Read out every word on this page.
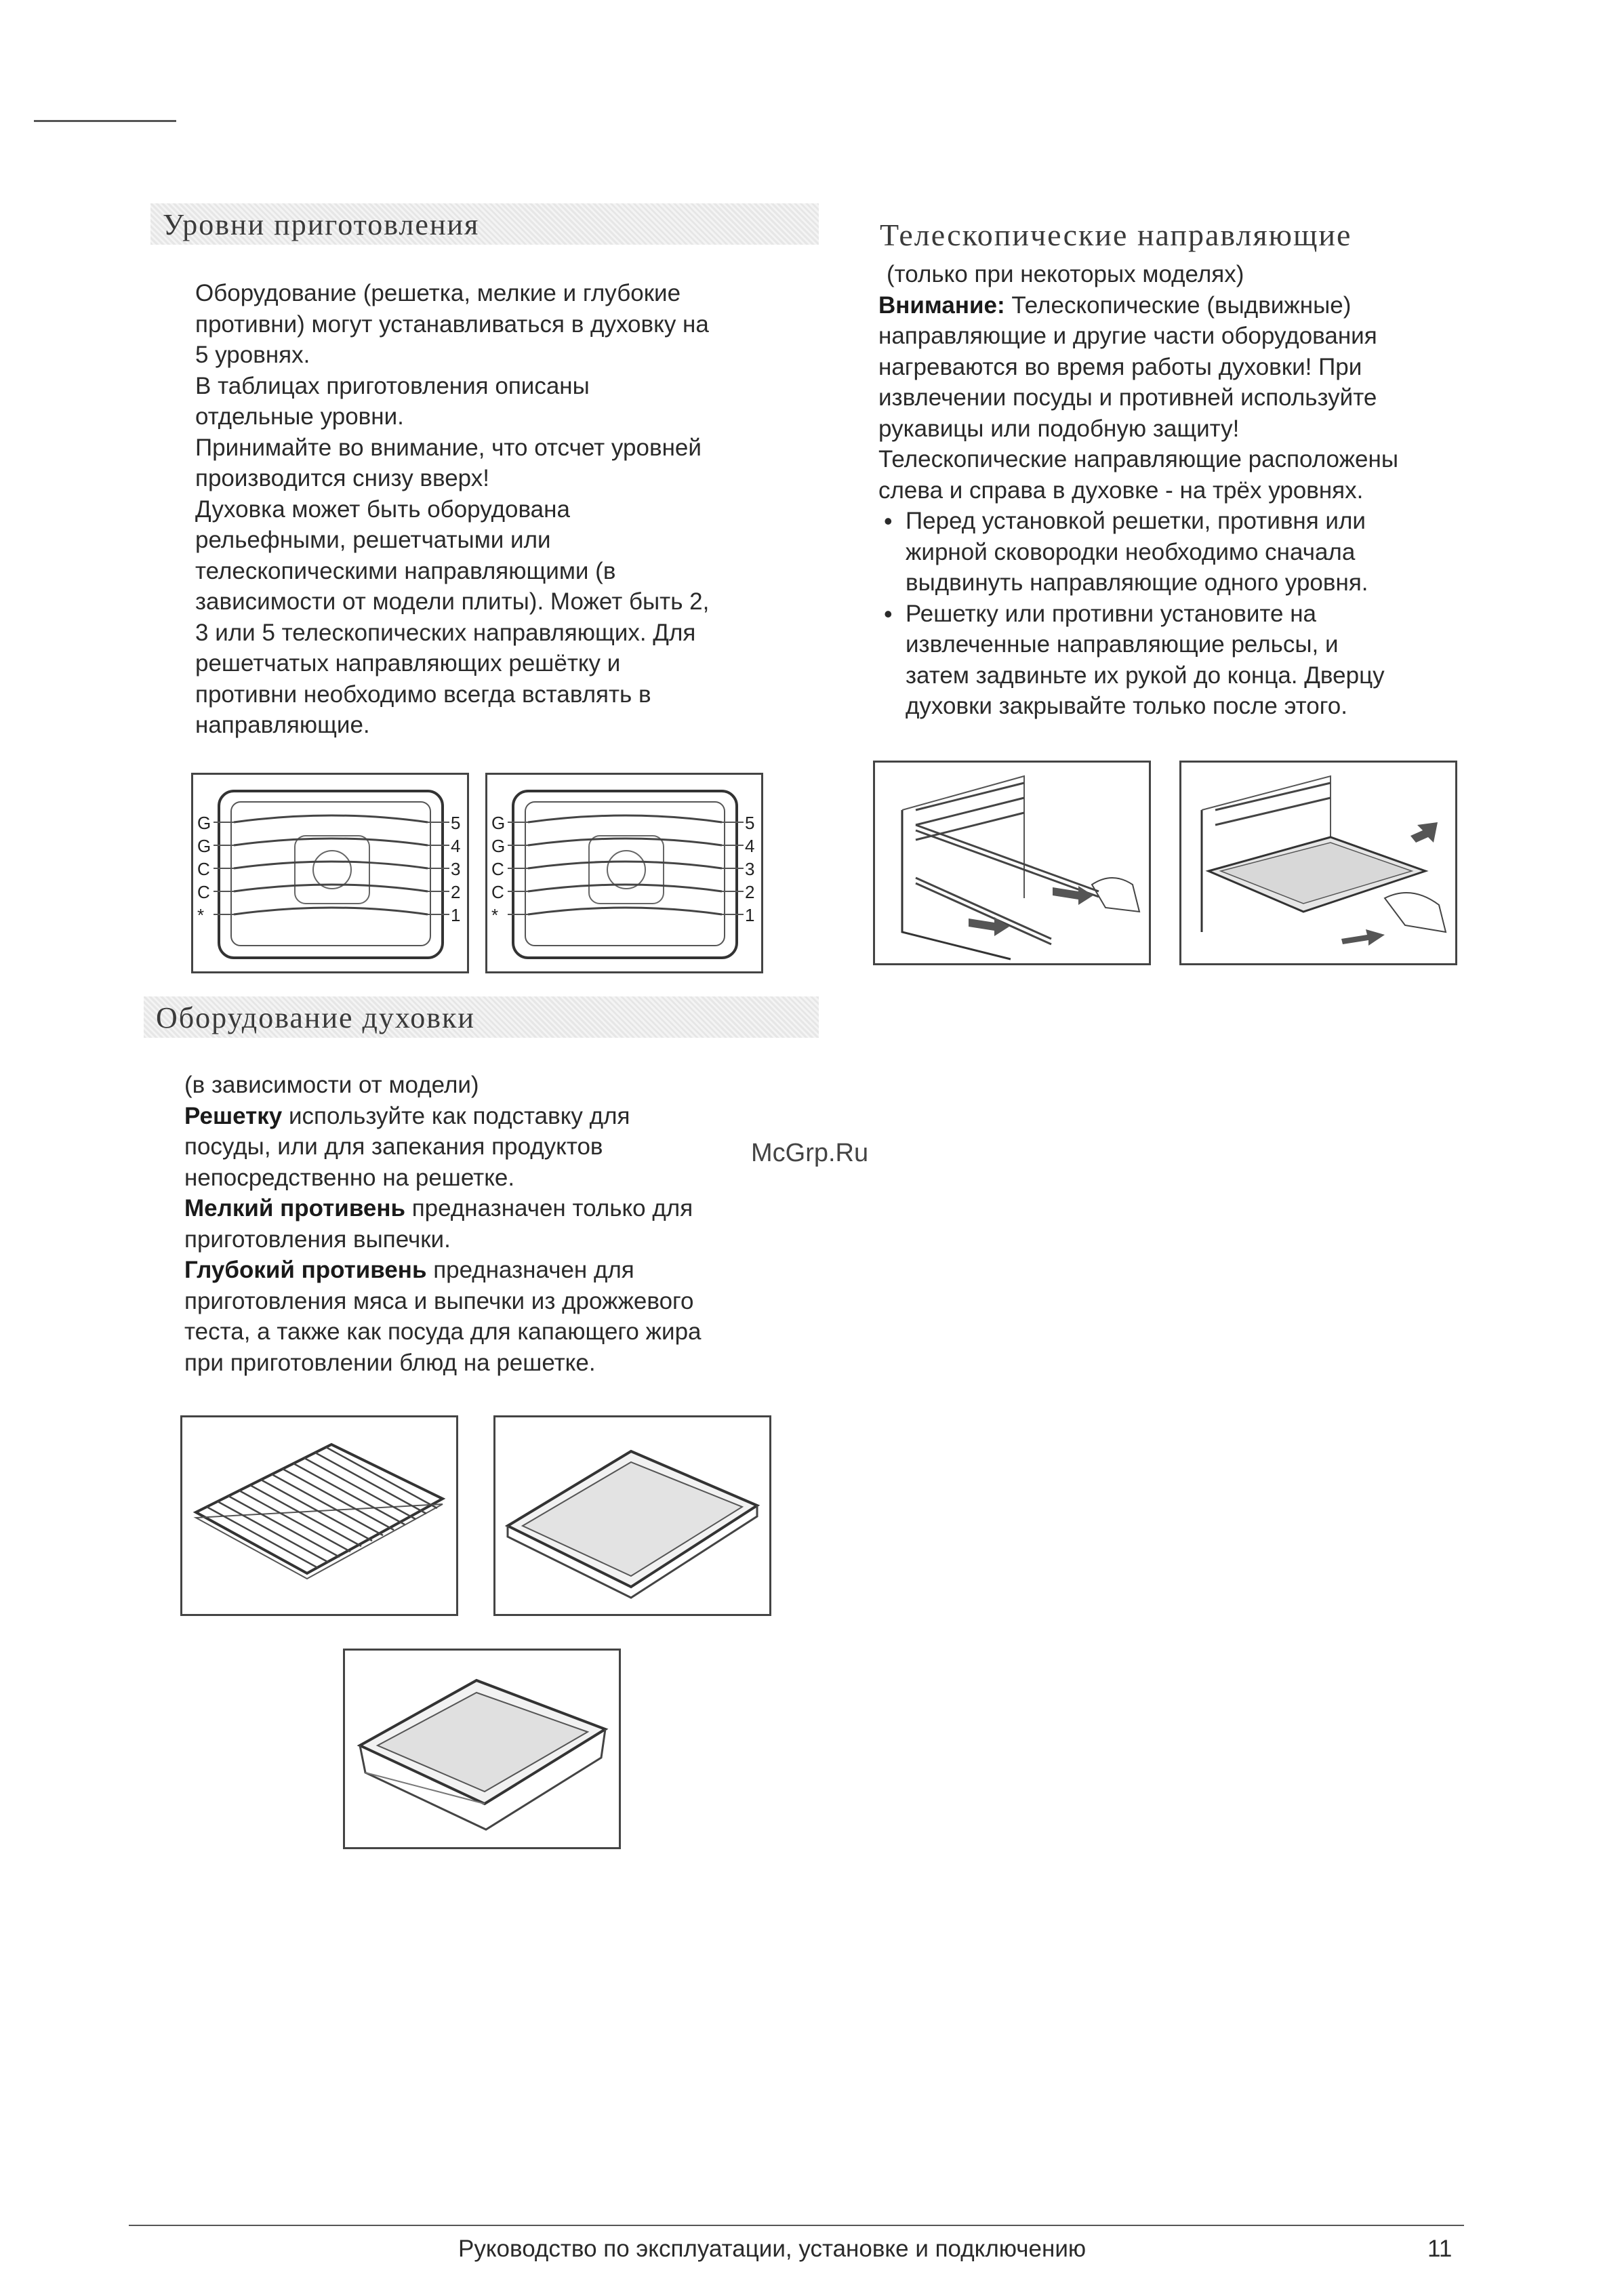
Уровни приготовления

Оборудование (решетка, мелкие и глубокие

противни) могут устанавливаться в духовку на

5 уровнях.

В таблицах приготовления описаны

отдельные уровни.

Принимайте во внимание, что отсчет уровней

производится снизу вверх!

Духовка может быть оборудована

рельефными, решетчатыми или

телескопическими направляющими (в

зависимости от модели плиты). Может быть 2,

3 или 5 телескопических направляющих. Для

решетчатых направляющих решётку и

противни необходимо всегда вставлять в

направляющие.

G
G
C
C
*
5
4
3
2
1
G
G
C
C
*
5
4
3
2
1
Оборудование духовки

(в зависимости от модели)

Решетку используйте как подставку для

посуды, или для запекания продуктов

непосредственно на решетке.

Мелкий противень предназначен только для

приготовления выпечки.

Глубокий противень предназначен для

приготовления мяса и выпечки из дрожжевого

теста, а также как посуда для капающего жира

при приготовлении блюд на решетке.

McGrp.Ru
Телескопические направляющие

(только при некоторых моделях)

Внимание: Телескопические (выдвижные)

направляющие и другие части оборудования

нагреваются во время работы духовки! При

извлечении посуды и противней используйте

рукавицы или подобную защиту!

Телескопические направляющие расположены

слева и справа в духовке - на трёх уровнях.

• Перед установкой решетки, противня или
жирной сковородки необходимо сначала
выдвинуть направляющие одного уровня.
• Решетку или противни установите на
извлеченные направляющие рельсы, и
затем задвиньте их рукой до конца. Дверцу
духовки закрывайте только после этого.
Руководство по эксплуатации, установке и подключению	11
